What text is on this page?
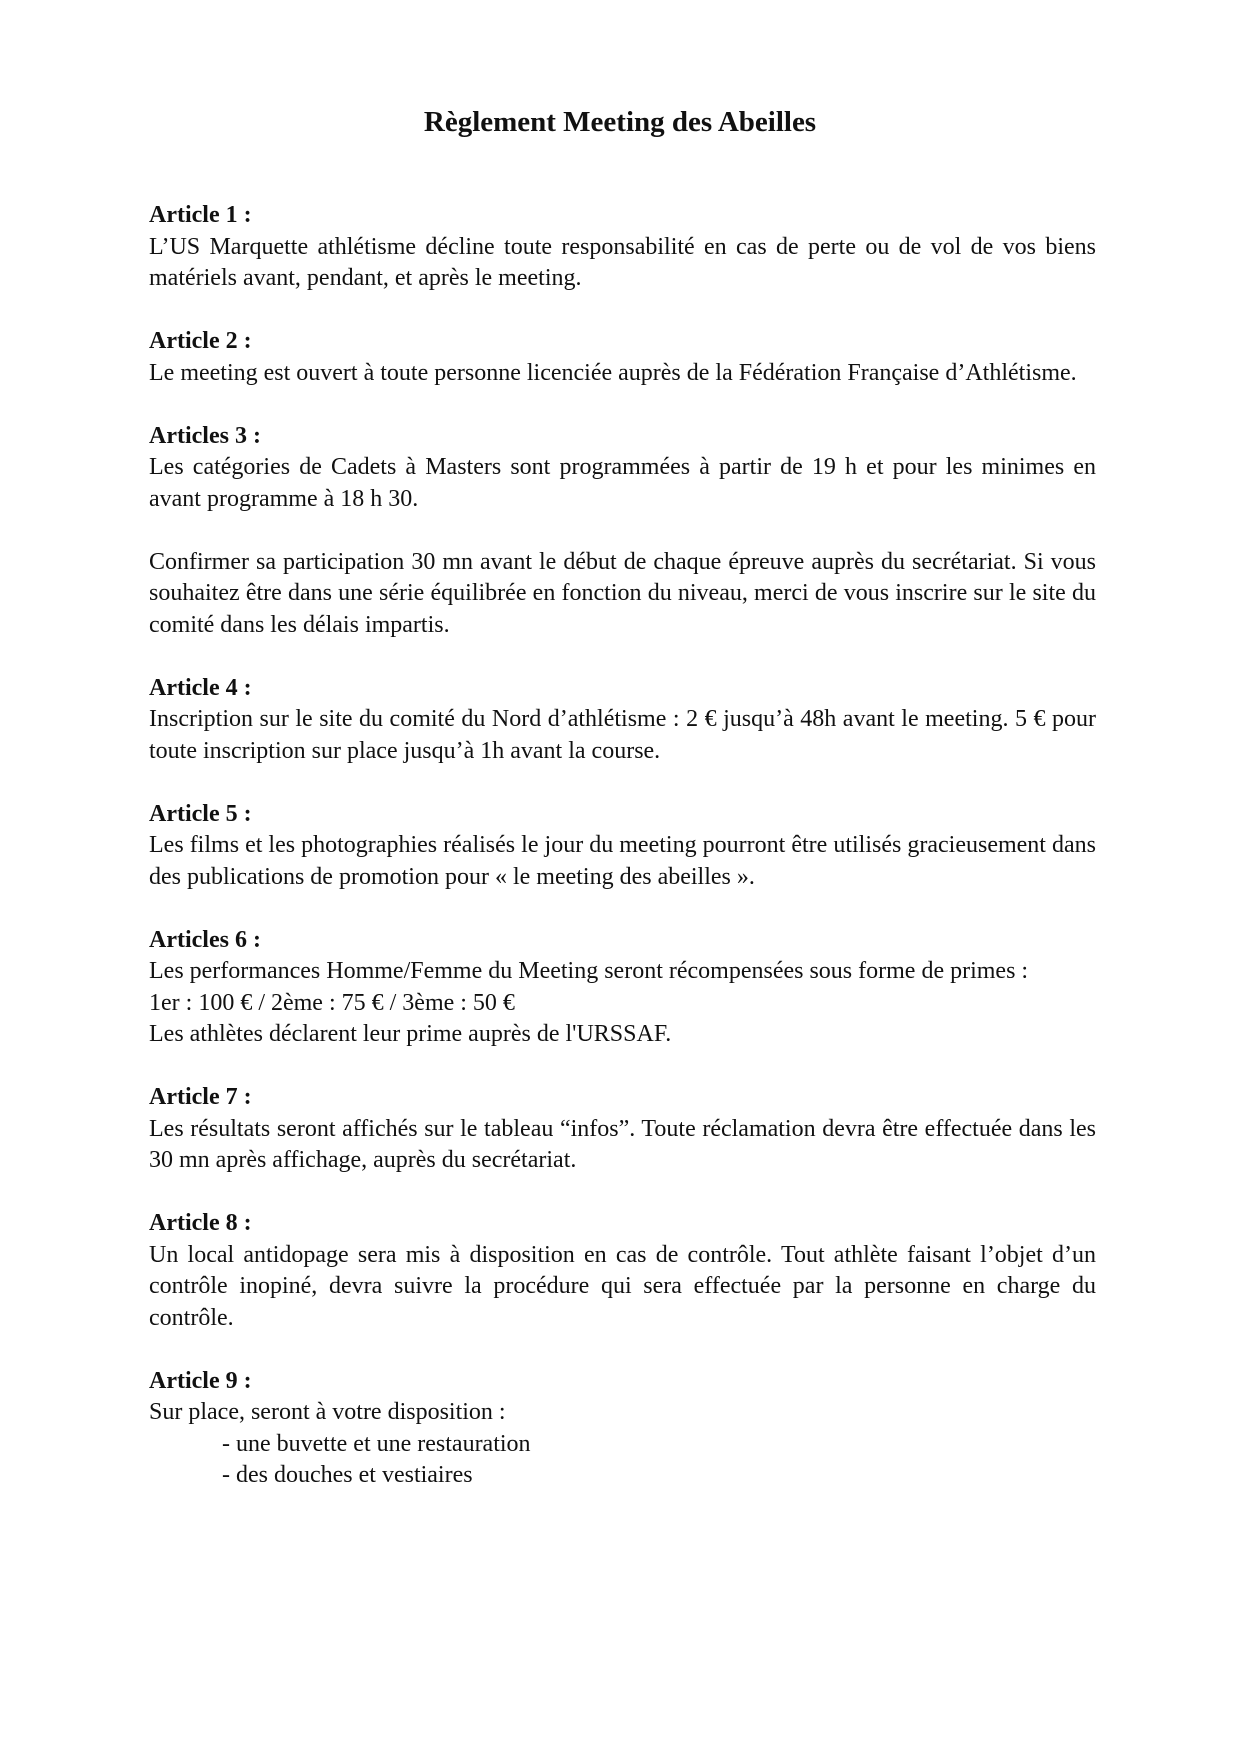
Règlement Meeting des Abeilles
Article 1 :
L’US Marquette athlétisme décline toute responsabilité en cas de perte ou de vol de vos biens matériels avant, pendant, et après le meeting.
Article 2 :
Le meeting est ouvert à toute personne licenciée auprès de la Fédération Française d’Athlétisme.
Articles 3 :
Les catégories de Cadets à Masters sont programmées à partir de 19 h et pour les minimes en avant programme à 18 h 30.
Confirmer sa participation 30 mn avant le début de chaque épreuve auprès du secrétariat. Si vous souhaitez être dans une série équilibrée en fonction du niveau, merci de vous inscrire sur le site du comité dans les délais impartis.
Article 4 :
Inscription sur le site du comité du Nord d’athlétisme : 2 € jusqu’à 48h avant le meeting. 5 € pour toute inscription sur place jusqu’à 1h avant la course.
Article 5 :
Les films et les photographies réalisés le jour du meeting pourront être utilisés gracieusement dans des publications de promotion pour « le meeting des abeilles ».
Articles 6 :
Les performances Homme/Femme du Meeting seront récompensées sous forme de primes :
1er : 100 € / 2ème : 75 € / 3ème : 50 €
Les athlètes déclarent leur prime auprès de l'URSSAF.
Article 7 :
Les résultats seront affichés sur le tableau “infos”. Toute réclamation devra être effectuée dans les 30 mn après affichage, auprès du secrétariat.
Article 8 :
Un local antidopage sera mis à disposition en cas de contrôle. Tout athlète faisant l’objet d’un contrôle inopiné, devra suivre la procédure qui sera effectuée par la personne en charge du contrôle.
Article 9 :
Sur place, seront à votre disposition :
- une buvette et une restauration
- des douches et vestiaires
